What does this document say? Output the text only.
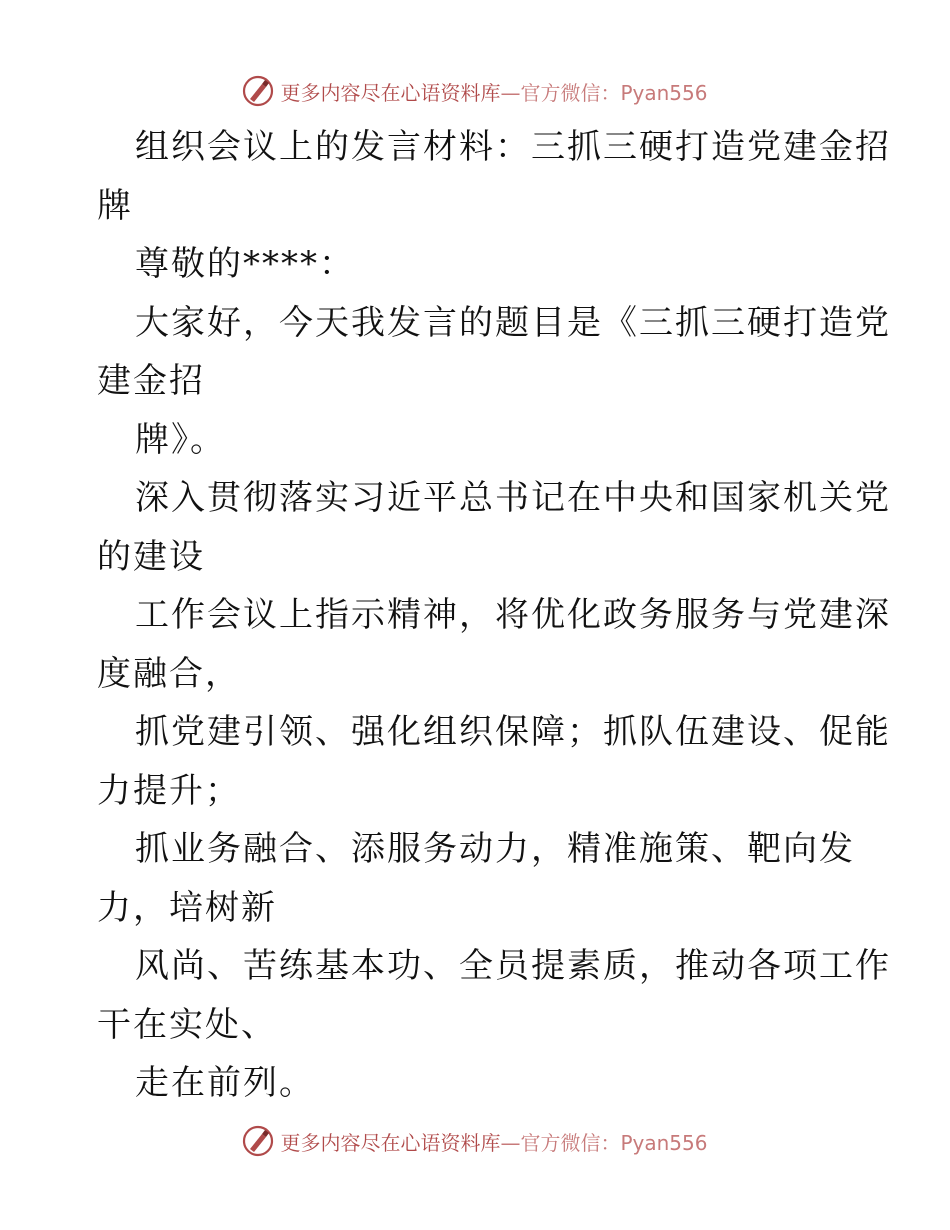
更多内容尽在心语资料库—官方微信：Pyan556
组织会议上的发言材料：三抓三硬打造党建金招
牌
尊敬的****：
大家好，今天我发言的题目是《三抓三硬打造党
建金招
牌》。
深入贯彻落实习近平总书记在中央和国家机关党
的建设
工作会议上指示精神，将优化政务服务与党建深
度融合，
抓党建引领、强化组织保障；抓队伍建设、促能
力提升；
抓业务融合、添服务动力，精准施策、靶向发
力，培树新
风尚、苦练基本功、全员提素质，推动各项工作
干在实处、
走在前列。
更多内容尽在心语资料库—官方微信：Pyan556
